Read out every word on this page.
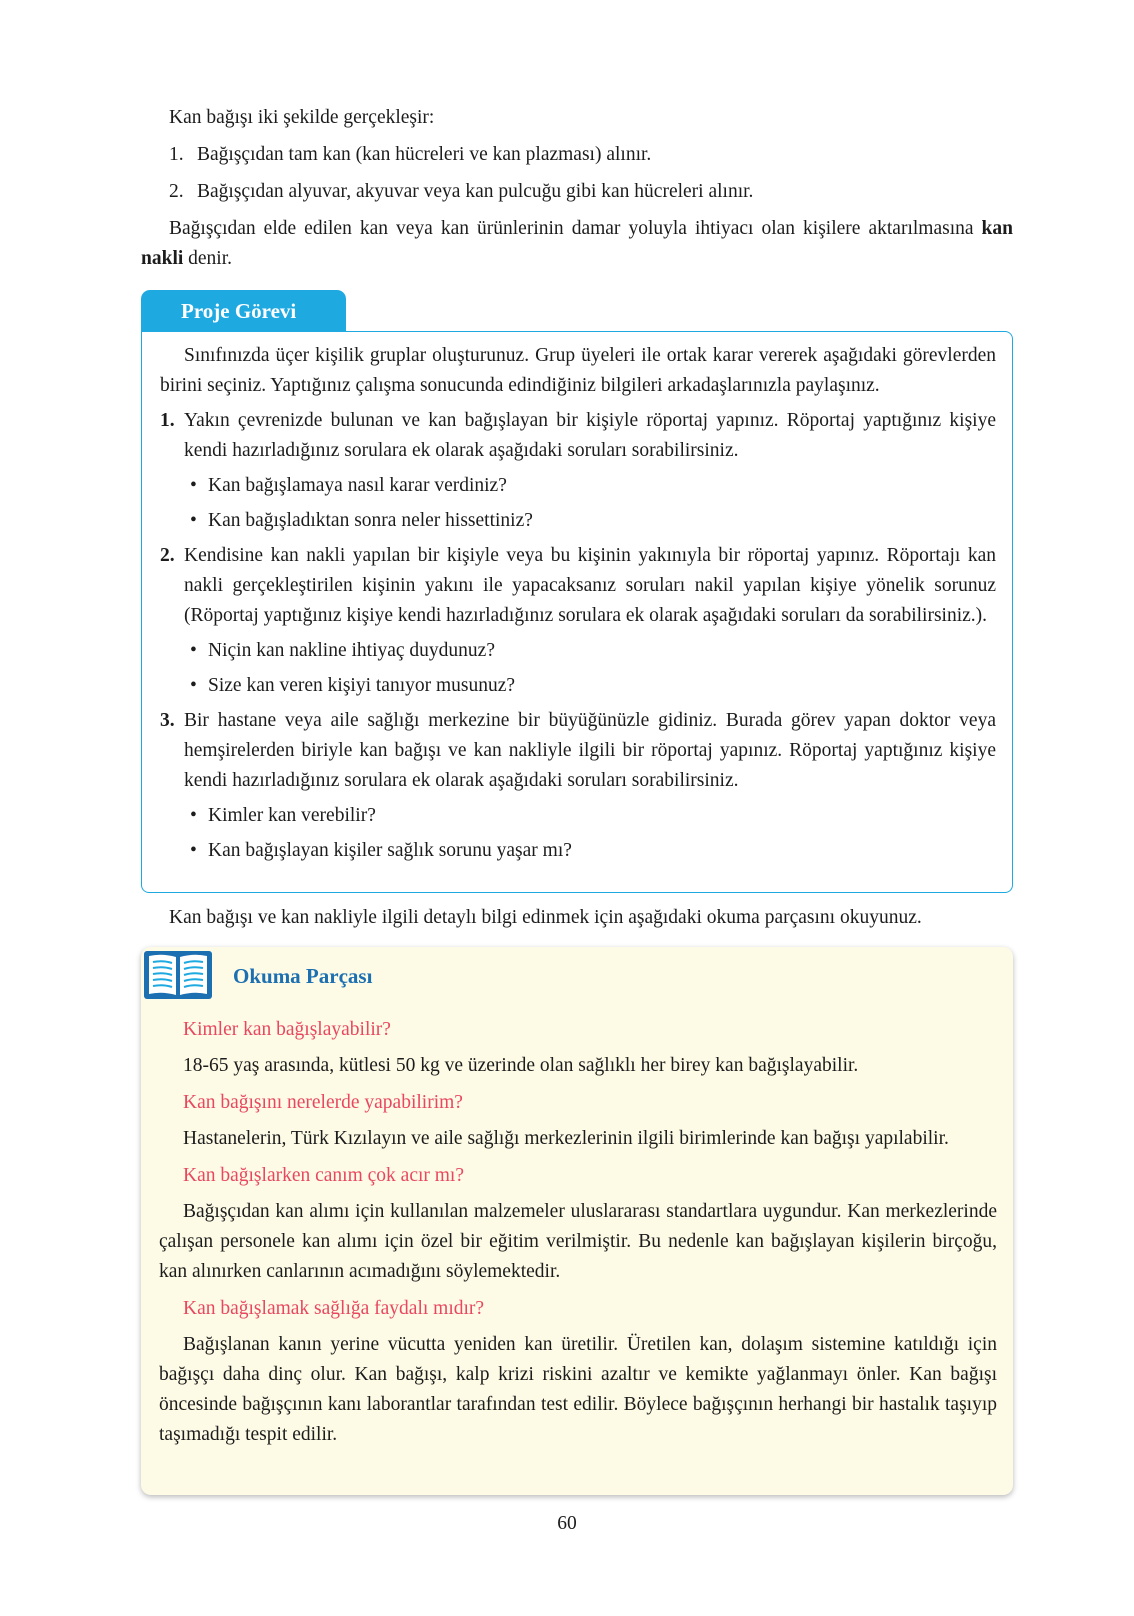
Kan bağışı iki şekilde gerçekleşir:

1. Bağışçıdan tam kan (kan hücreleri ve kan plazması) alınır.

2. Bağışçıdan alyuvar, akyuvar veya kan pulcuğu gibi kan hücreleri alınır.

Bağışçıdan elde edilen kan veya kan ürünlerinin damar yoluyla ihtiyacı olan kişilere aktarılmasına kan nakli denir.

Proje Görevi

Sınıfınızda üçer kişilik gruplar oluşturunuz. Grup üyeleri ile ortak karar vererek aşağıdaki görevlerden birini seçiniz. Yaptığınız çalışma sonucunda edindiğiniz bilgileri arkadaşlarınızla paylaşınız.

1. Yakın çevrenizde bulunan ve kan bağışlayan bir kişiyle röportaj yapınız. Röportaj yaptığınız kişiye kendi hazırladığınız sorulara ek olarak aşağıdaki soruları sorabilirsiniz.
• Kan bağışlamaya nasıl karar verdiniz?
• Kan bağışladıktan sonra neler hissettiniz?
2. Kendisine kan nakli yapılan bir kişiyle veya bu kişinin yakınıyla bir röportaj yapınız. Röportajı kan nakli gerçekleştirilen kişinin yakını ile yapacaksanız soruları nakil yapılan kişiye yönelik sorunuz (Röportaj yaptığınız kişiye kendi hazırladığınız sorulara ek olarak aşağıdaki soruları da sorabilirsiniz.).
• Niçin kan nakline ihtiyaç duydunuz?
• Size kan veren kişiyi tanıyor musunuz?
3. Bir hastane veya aile sağlığı merkezine bir büyüğünüzle gidiniz. Burada görev yapan doktor veya hemşirelerden biriyle kan bağışı ve kan nakliyle ilgili bir röportaj yapınız. Röportaj yaptığınız kişiye kendi hazırladığınız sorulara ek olarak aşağıdaki soruları sorabilirsiniz.
• Kimler kan verebilir?
• Kan bağışlayan kişiler sağlık sorunu yaşar mı?

Kan bağışı ve kan nakliyle ilgili detaylı bilgi edinmek için aşağıdaki okuma parçasını okuyunuz.

Okuma Parçası

Kimler kan bağışlayabilir?

18-65 yaş arasında, kütlesi 50 kg ve üzerinde olan sağlıklı her birey kan bağışlayabilir.

Kan bağışını nerelerde yapabilirim?

Hastanelerin, Türk Kızılayın ve aile sağlığı merkezlerinin ilgili birimlerinde kan bağışı yapılabilir.

Kan bağışlarken canım çok acır mı?

Bağışçıdan kan alımı için kullanılan malzemeler uluslararası standartlara uygundur. Kan merkezlerinde çalışan personele kan alımı için özel bir eğitim verilmiştir. Bu nedenle kan bağışlayan kişilerin birçoğu, kan alınırken canlarının acımadığını söylemektedir.

Kan bağışlamak sağlığa faydalı mıdır?

Bağışlanan kanın yerine vücutta yeniden kan üretilir. Üretilen kan, dolaşım sistemine katıldığı için bağışçı daha dinç olur. Kan bağışı, kalp krizi riskini azaltır ve kemikte yağlanmayı önler. Kan bağışı öncesinde bağışçının kanı laborantlar tarafından test edilir. Böylece bağışçının herhangi bir hastalık taşıyıp taşımadığı tespit edilir.

60
